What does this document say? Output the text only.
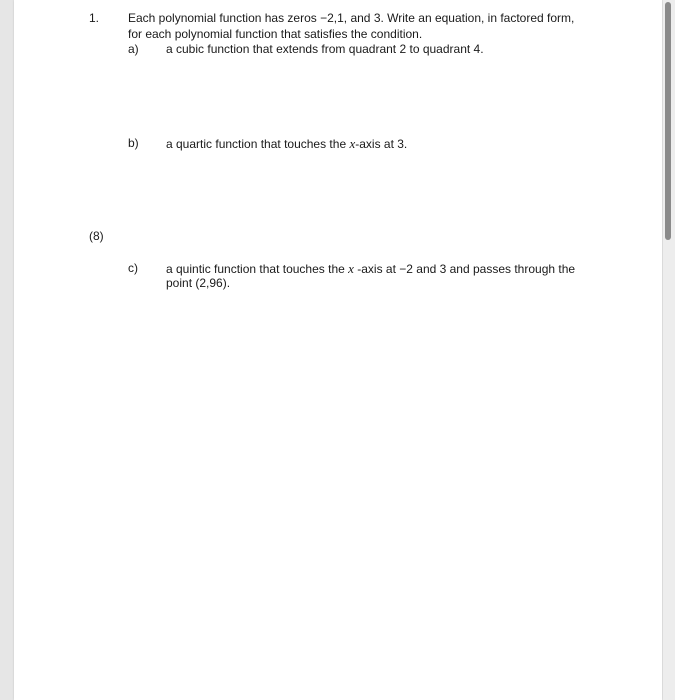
1. Each polynomial function has zeros −2,1, and 3. Write an equation, in factored form,
for each polynomial function that satisfies the condition.
a) a cubic function that extends from quadrant 2 to quadrant 4.
b) a quartic function that touches the x-axis at 3.
(8)
c) a quintic function that touches the x -axis at −2 and 3 and passes through the
point (2,96).
